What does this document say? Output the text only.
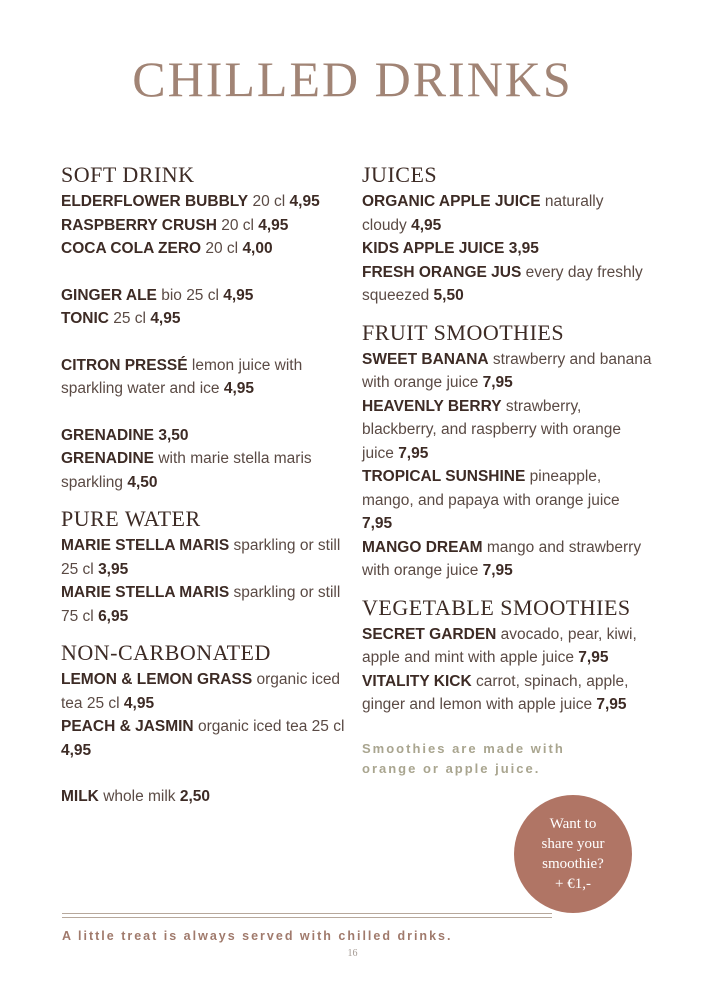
CHILLED DRINKS
SOFT DRINK
ELDERFLOWER BUBBLY 20 cl 4,95
RASPBERRY CRUSH 20 cl 4,95
COCA COLA ZERO 20 cl 4,00
GINGER ALE bio 25 cl 4,95
TONIC 25 cl 4,95
CITRON PRESSÉ lemon juice with sparkling water and ice 4,95
GRENADINE 3,50
GRENADINE with marie stella maris sparkling 4,50
PURE WATER
MARIE STELLA MARIS sparkling or still 25 cl 3,95
MARIE STELLA MARIS sparkling or still 75 cl 6,95
NON-CARBONATED
LEMON & LEMON GRASS organic iced tea 25 cl 4,95
PEACH & JASMIN organic iced tea 25 cl 4,95
MILK whole milk 2,50
JUICES
ORGANIC APPLE JUICE naturally cloudy 4,95
KIDS APPLE JUICE 3,95
FRESH ORANGE JUS every day freshly squeezed 5,50
FRUIT SMOOTHIES
SWEET BANANA strawberry and banana with orange juice 7,95
HEAVENLY BERRY strawberry, blackberry, and raspberry with orange juice 7,95
TROPICAL SUNSHINE pineapple, mango, and papaya with orange juice 7,95
MANGO DREAM mango and strawberry with orange juice 7,95
VEGETABLE SMOOTHIES
SECRET GARDEN avocado, pear, kiwi, apple and mint with apple juice 7,95
VITALITY KICK carrot, spinach, apple, ginger and lemon with apple juice 7,95
Smoothies are made with
orange or apple juice.
Want to
share your
smoothie?
+ €1,-
A little treat is always served with chilled drinks.
16
